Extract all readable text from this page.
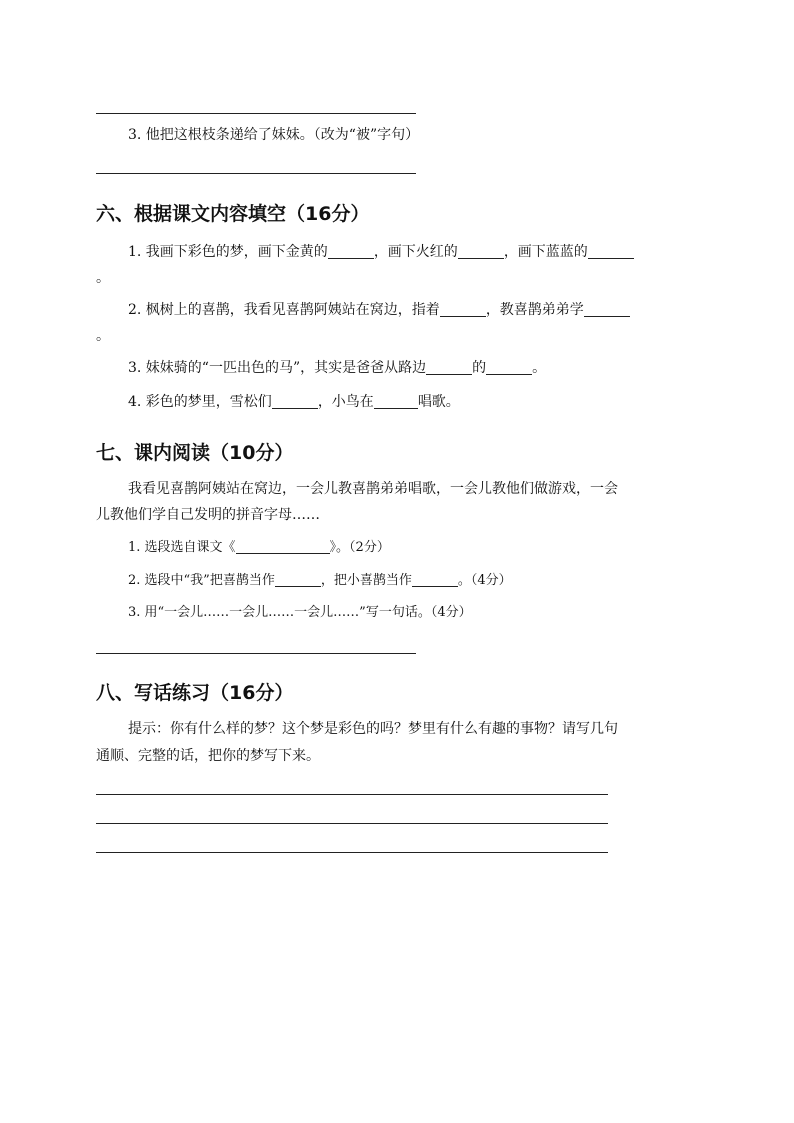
3. 他把这根枝条递给了妹妹。（改为“被”字句）
六、根据课文内容填空（16分）
1. 我画下彩色的梦，画下金黄的	，画下火红的	，画下蓝蓝的
。
2. 枫树上的喜鹊，我看见喜鹊阿姨站在窝边，指着	，教喜鹊弟弟学
。
3. 妹妹骑的“一匹出色的马”，其实是爸爸从路边	的	。
4. 彩色的梦里，雪松们	，小鸟在	唱歌。
七、课内阅读（10分）
我看见喜鹊阿姨站在窝边，一会儿教喜鹊弟弟唱歌，一会儿教他们做游戏，一会
儿教他们学自己发明的拼音字母……
1. 选段选自课文《	》。（2分）
2. 选段中“我”把喜鹊当作	，把小喜鹊当作	。（4分）
3. 用“一会儿……一会儿……一会儿……”写一句话。（4分）
八、写话练习（16分）
提示：你有什么样的梦？这个梦是彩色的吗？梦里有什么有趣的事物？请写几句
通顺、完整的话，把你的梦写下来。
